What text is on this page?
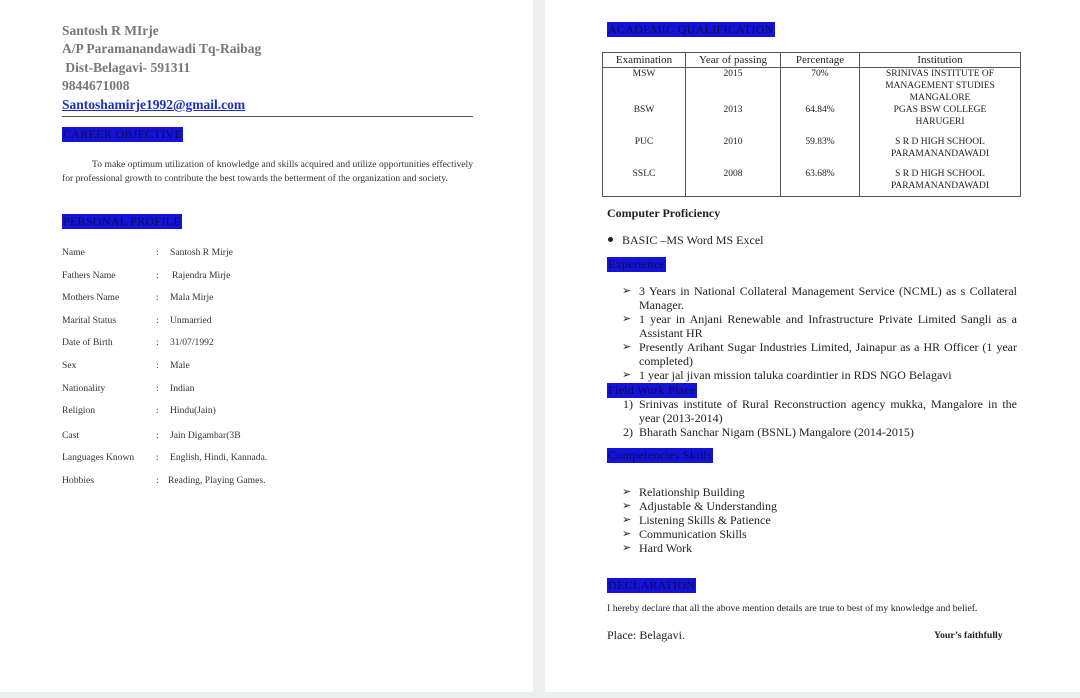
Santosh R MIrje
A/P Paramanandawadi Tq-Raibag
Dist-Belagavi- 591311
9844671008
Santoshamirje1992@gmail.com
CAREER OBJECTIVE
To make optimum utilization of knowledge and skills acquired and utilize opportunities effectively for professional growth to contribute the best towards the betterment of the organization and society.
PERSONAL PROFILE
Name	: Santosh R Mirje
Fathers Name	: Rajendra Mirje
Mothers Name	: Mala Mirje
Marital Status	: Unmarried
Date of Birth	: 31/07/1992
Sex	: Male
Nationality	: Indian
Religion	: Hindu(Jain)
Cast	: Jain Digambar(3B
Languages Known : English, Hindi, Kannada.
Hobbies	: Reading, Playing Games.
ACADEMIC QUALIFICATION
Examination	Year of passing	Percentage	Institution
MSW	2015	70%	SRINIVAS INSTITUTE OF
MANAGEMENT STUDIES
MANGALORE

BSW	2013	64.84%	PGAS BSW COLLEGE
HARUGERI

PUC	2010	59.83%	S R D HIGH SCHOOL
PARAMANANDAWADI

SSLC	2008	63.68%	S R D HIGH SCHOOL
PARAMANANDAWADI
Computer Proficiency
BASIC –MS Word MS Excel
Experience
➢ 3 Years in National Collateral Management Service (NCML) as s Collateral Manager.
➢ 1 year in Anjani Renewable and Infrastructure Private Limited Sangli as a Assistant HR
➢ Presently Arihant Sugar Industries Limited, Jainapur as a HR Officer (1 year completed)
➢ 1 year jal jivan mission taluka coardintier in RDS NGO Belagavi
Field Work Place
1) Srinivas institute of Rural Reconstruction agency mukka, Mangalore in the year (2013-2014)
2) Bharath Sanchar Nigam (BSNL) Mangalore (2014-2015)
Competencies Skills
➢ Relationship Building
➢ Adjustable & Understanding
➢ Listening Skills & Patience
➢ Communication Skills
➢ Hard Work
DECLARATION
I hereby declare that all the above mention details are true to best of my knowledge and belief.
Place: Belagavi.	Your’s faithfully
